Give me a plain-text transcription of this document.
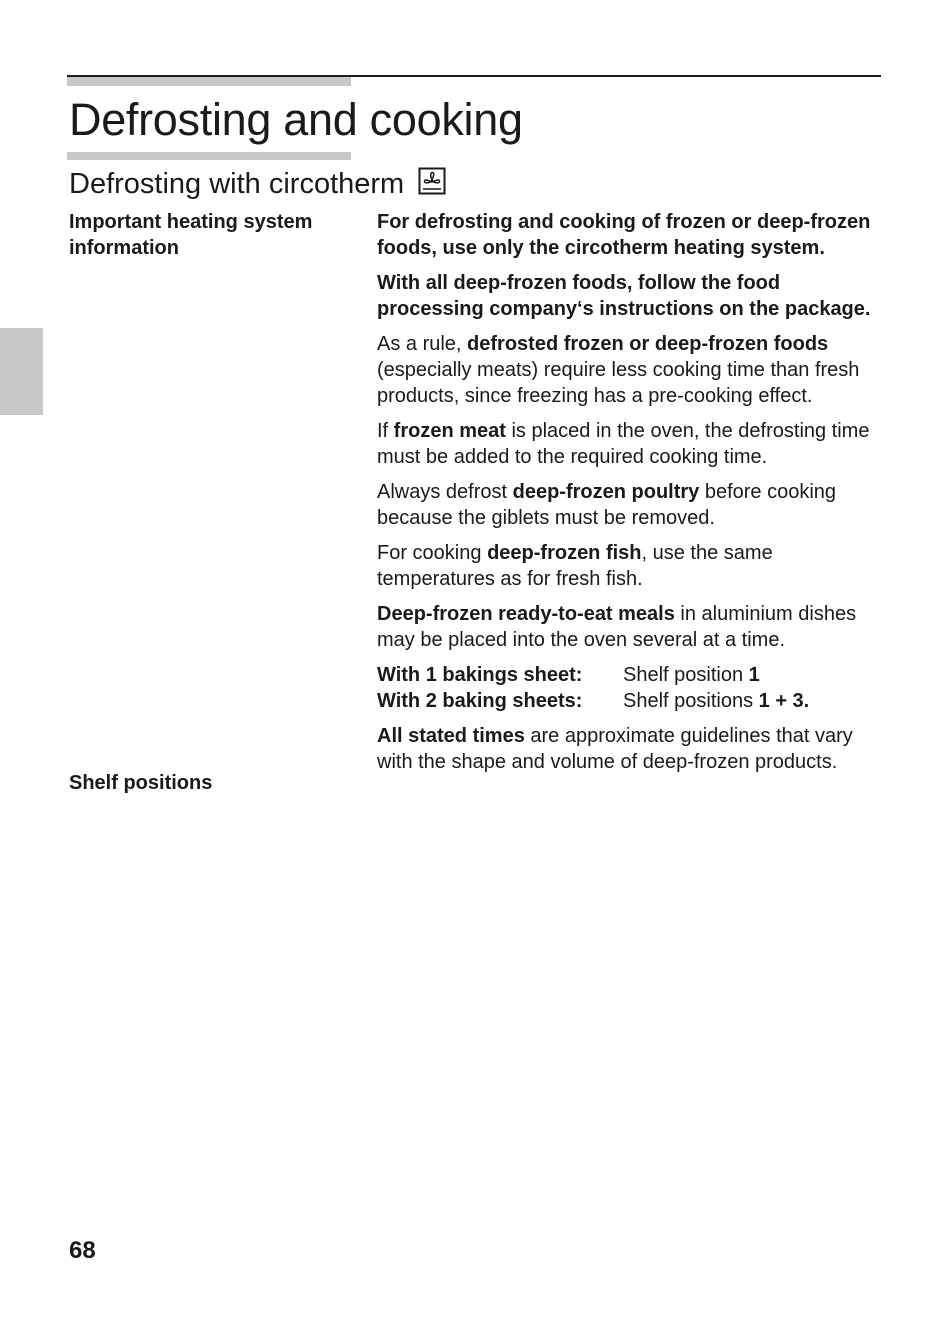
Defrosting and cooking
Defrosting with circotherm
Important heating system information

For defrosting and cooking of frozen or deep-frozen foods, use only the circotherm heating system.

With all deep-frozen foods, follow the food processing company‘s instructions on the package.

As a rule, defrosted frozen or deep-frozen foods (especially meats) require less cooking time than fresh products, since freezing has a pre-cooking effect.

If frozen meat is placed in the oven, the defrosting time must be added to the required cooking time.

Always defrost deep-frozen poultry before cooking because the giblets must be removed.

For cooking deep-frozen fish, use the same temperatures as for fresh fish.

Deep-frozen ready-to-eat meals in aluminium dishes may be placed into the oven several at a time.

With 1 bakings sheet:	Shelf position 1
With 2 baking sheets:	Shelf positions 1 + 3.

All stated times are approximate guidelines that vary with the shape and volume of deep-frozen products.

Shelf positions
68
